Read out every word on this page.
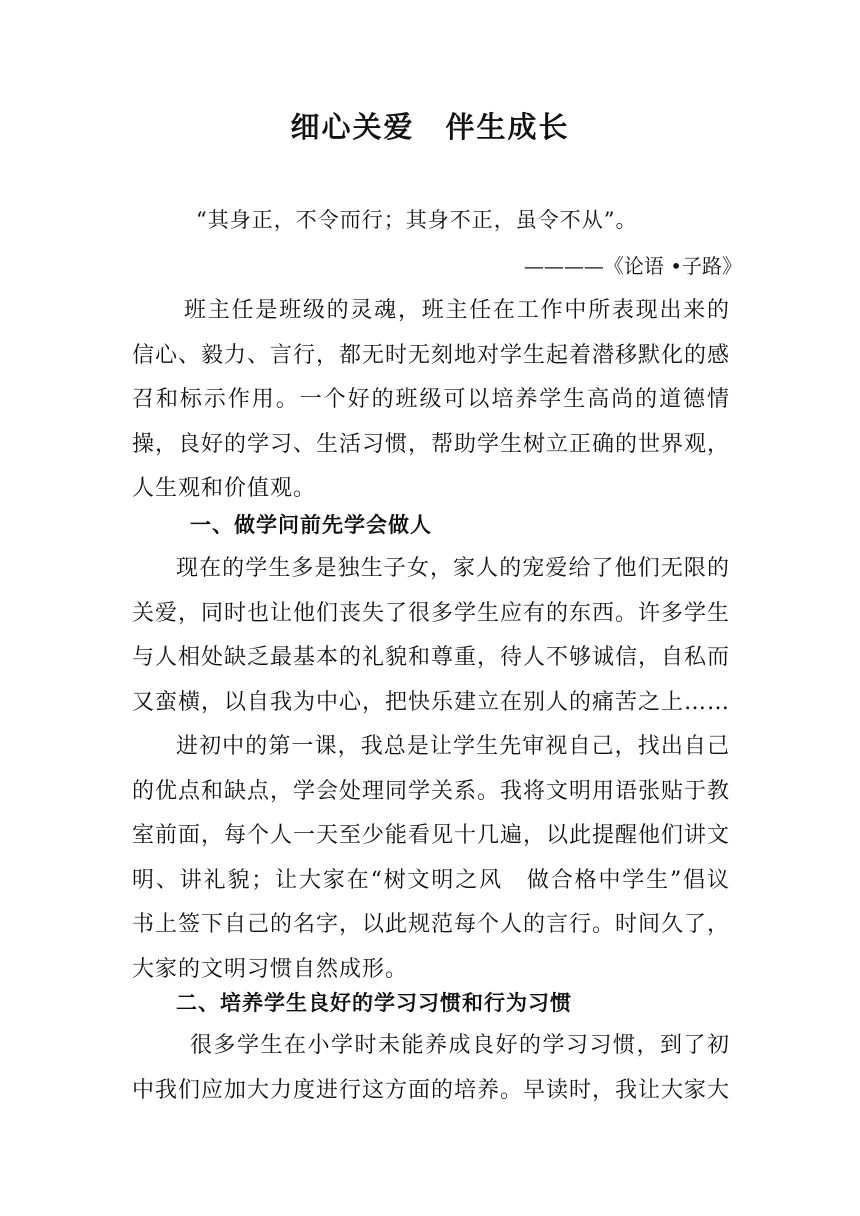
细心关爱　伴生成长
“其身正，不令而行；其身不正，虽令不从”。
————《论语 •子路》

班主任是班级的灵魂，班主任在工作中所表现出来的信心、毅力、言行，都无时无刻地对学生起着潜移默化的感召和标示作用。一个好的班级可以培养学生高尚的道德情操，良好的学习、生活习惯，帮助学生树立正确的世界观，人生观和价值观。

一、做学问前先学会做人

现在的学生多是独生子女，家人的宠爱给了他们无限的关爱，同时也让他们丧失了很多学生应有的东西。许多学生与人相处缺乏最基本的礼貌和尊重，待人不够诚信，自私而又蛮横，以自我为中心，把快乐建立在别人的痛苦之上……

进初中的第一课，我总是让学生先审视自己，找出自己的优点和缺点，学会处理同学关系。我将文明用语张贴于教室前面，每个人一天至少能看见十几遍，以此提醒他们讲文明、讲礼貌；让大家在“树文明之风　做合格中学生”倡议书上签下自己的名字，以此规范每个人的言行。时间久了，大家的文明习惯自然成形。

二、培养学生良好的学习习惯和行为习惯

很多学生在小学时未能养成良好的学习习惯，到了初中我们应加大力度进行这方面的培养。早读时，我让大家大
